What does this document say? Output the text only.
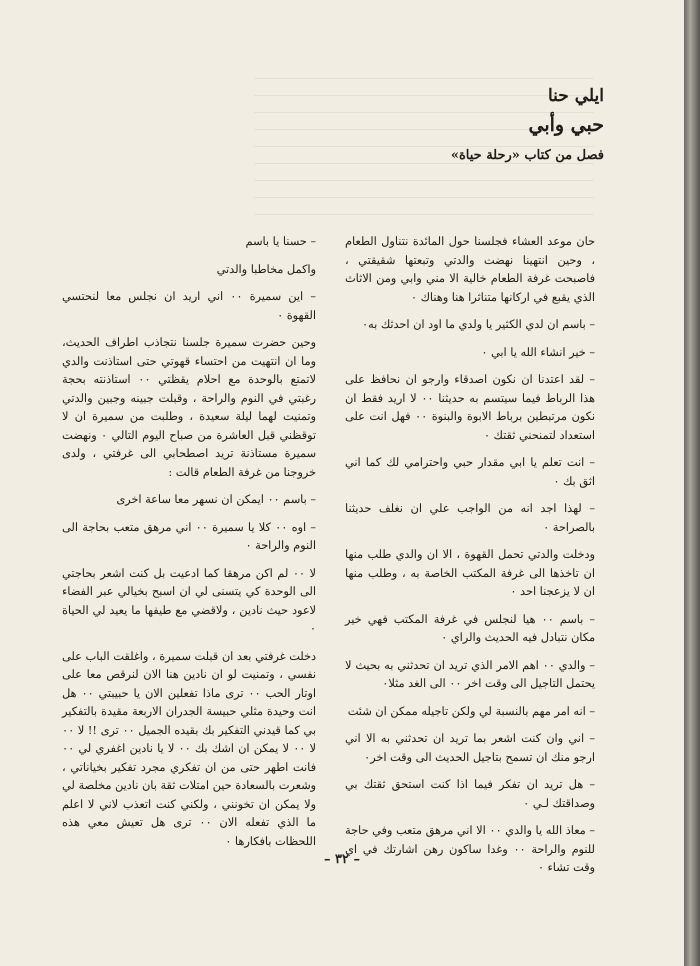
ايلي حنا
حبي وأبي
فصل من كتاب «رحلة حياة»

حان موعد العشاء فجلسنا حول المائدة نتناول الطعام ، وحين انتهينا نهضت والدتي وتبعتها شقيقتي ، فاصبحت غرفة الطعام خالية الا مني وابي ومن الاثاث الذي يقبع في اركانها متناثرا هنا وهناك ٠

– باسم ان لدي الكثير يا ولدي ما اود ان احدثك به٠

– خير انشاء الله يا ابي ٠

– لقد اعتدنا ان نكون اصدقاء وارجو ان نحافظ على هذا الرباط فيما سيتسم به حديثنا ٠٠ لا اريد فقط ان نكون مرتبطين برباط الابوة والبنوة ٠٠ فهل انت على استعداد لتمنحني ثقتك ٠

– انت تعلم يا ابي مقدار حبي واحترامي لك كما اني اثق بك ٠

– لهذا اجد انه من الواجب علي ان نغلف حديثنا بالصراحة ٠

ودخلت والدتي تحمل القهوة ، الا ان والدي طلب منها ان تاخذها الى غرفة المكتب الخاصة به ، وطلب منها ان لا يزعجنا احد ٠

– باسم ٠٠ هيا لنجلس في غرفة المكتب فهي خير مكان نتبادل فيه الحديث والراي ٠

– والدي ٠٠ اهم الامر الذي تريد ان تحدثني به بحيث لا يحتمل التاجيل الى وقت اخر ٠٠ الى الغد مثلا٠

– انه امر مهم بالنسبة لي ولكن تاجيله ممكن ان شئت

– اني وان كنت اشعر بما تريد ان تحدثني به الا اني ارجو منك ان تسمح بتاجيل الحديث الى وقت اخر٠

– هل تريد ان تفكر فيما اذا كنت استحق ثقتك بي وصداقتك لـي ٠

– معاذ الله يا والدي ٠٠ الا اني مرهق متعب وفي حاجة للنوم والراحة ٠٠ وغدا ساكون رهن اشارتك في اي وقت تشاء ٠

– حسنا يا باسم

واكمل مخاطبا والدتي

– اين سميرة ٠٠ اني اريد ان نجلس معا لنحتسي القهوة ٠

وحين حضرت سميرة جلسنا نتجاذب اطراف الحديث، وما ان انتهيت من احتساء قهوتي حتى استاذنت والدي لاتمتع بالوحدة مع احلام يقظتي ٠٠ استاذنته بحجة رغبتي في النوم والراحة ، وقبلت جبينه وجبين والدتي وتمنيت لهما ليلة سعيدة ، وطلبت من سميرة ان لا توقظني قبل العاشرة من صباح اليوم التالي ٠ ونهضت سميرة مستاذنة تريد اصطحابي الى غرفتي ، ولدى خروجنا من غرفة الطعام قالت :

– باسم ٠٠ ايمكن ان نسهر معا ساعة اخرى

– اوه ٠٠ كلا يا سميرة ٠٠ اني مرهق متعب بحاجة الى النوم والراحة ٠

لا ٠٠ لم اكن مرهقا كما ادعيت بل كنت اشعر بحاجتي الى الوحدة كي يتسنى لي ان اسبح بخيالي عبر الفضاء لاعود حيث نادين ، ولاقضي مع طيفها ما يعيد لي الحياة ٠

دخلت غرفتي بعد ان قبلت سميرة ، واغلقت الباب على نفسي ، وتمنيت لو ان نادين هنا الان لنرقص معا على اوتار الحب ٠٠ ترى ماذا تفعلين الان يا حبيبتي ٠٠ هل انت وحيدة مثلي حبيسة الجدران الاربعة مقيدة بالتفكير بي كما قيدني التفكير بك بقيده الجميل ٠٠ ترى !! لا ٠٠ لا ٠٠ لا يمكن ان اشك بك ٠٠ لا يا نادين اغفري لي ٠٠ فانت اطهر حتى من ان تفكري مجرد تفكير بخياناتي ، وشعرت بالسعادة حين امتلات ثقة بان نادين مخلصة لي ولا يمكن ان تخونني ، ولكني كنت اتعذب لاني لا اعلم ما الذي تفعله الان ٠٠ ترى هل تعيش معي هذه اللحظات بافكارها ٠

– ٣٢ –
